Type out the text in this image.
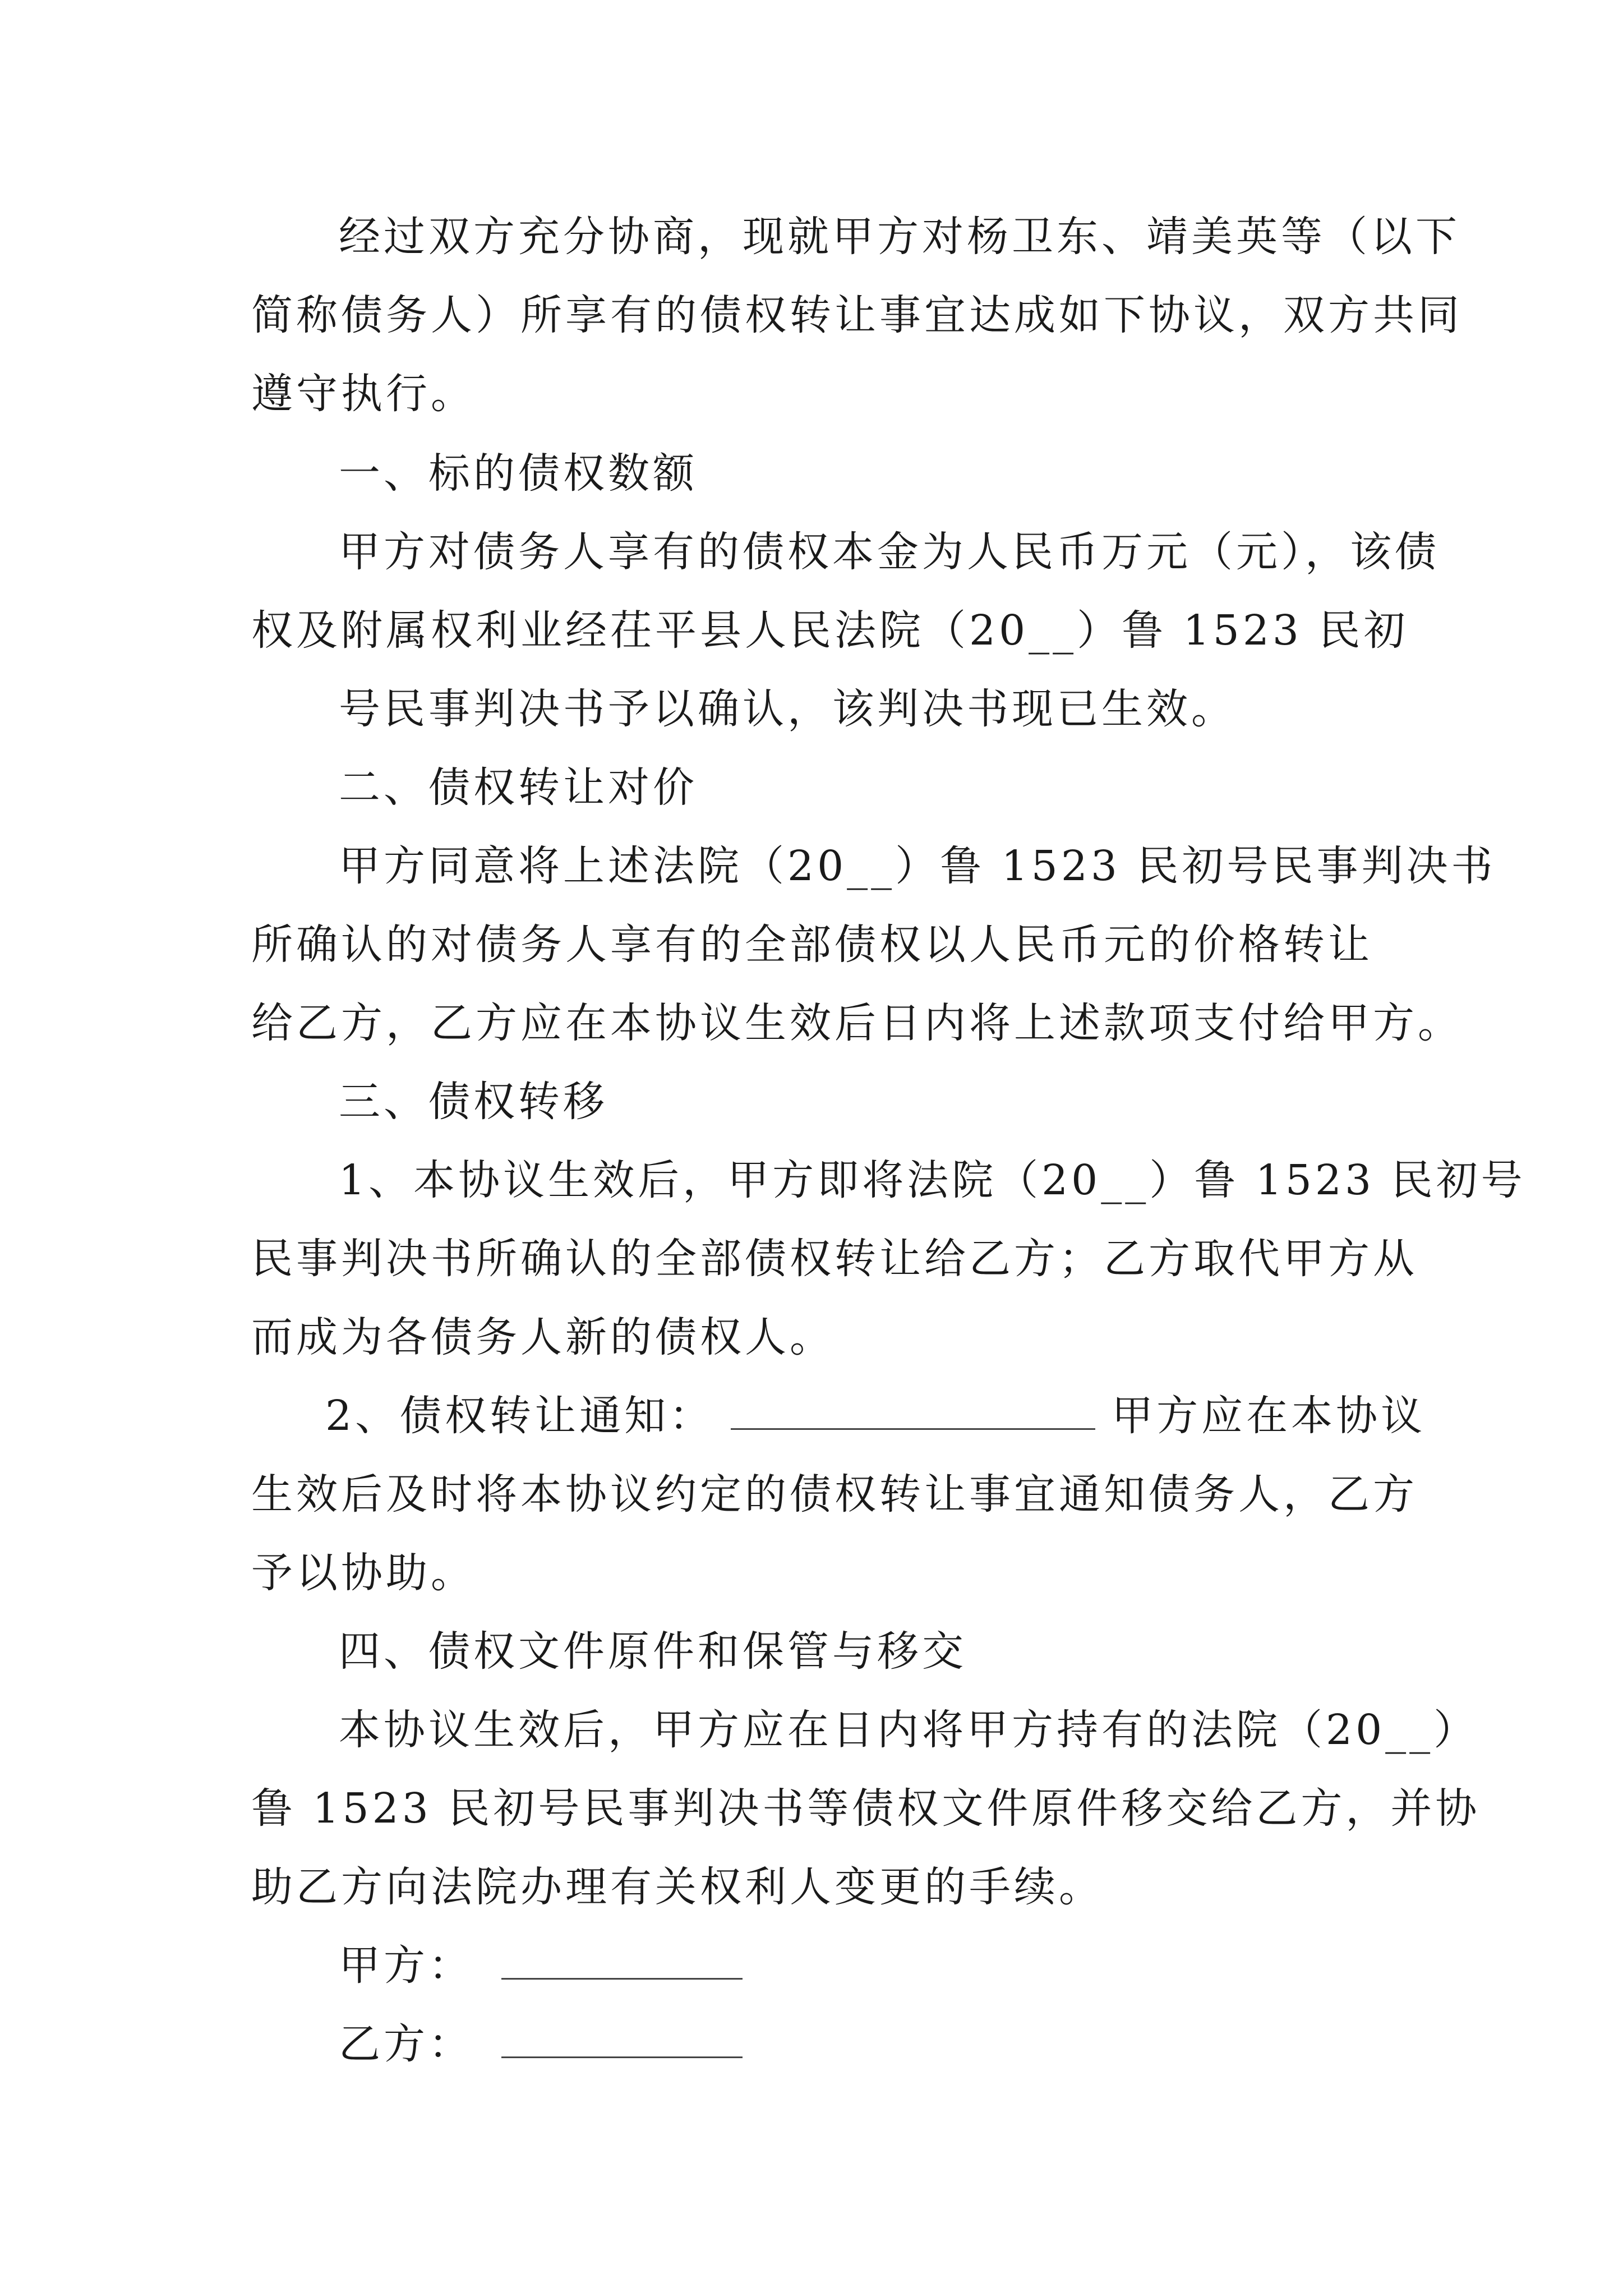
经过双方充分协商，现就甲方对杨卫东、靖美英等（以下
简称债务人）所享有的债权转让事宜达成如下协议，双方共同
遵守执行。
一、标的债权数额
甲方对债务人享有的债权本金为人民币万元（元），该债
权及附属权利业经茌平县人民法院（20__）鲁 1523 民初
号民事判决书予以确认，该判决书现已生效。
二、债权转让对价
甲方同意将上述法院（20__）鲁 1523 民初号民事判决书
所确认的对债务人享有的全部债权以人民币元的价格转让
给乙方，乙方应在本协议生效后日内将上述款项支付给甲方。
三、债权转移
1、本协议生效后，甲方即将法院（20__）鲁 1523 民初号
民事判决书所确认的全部债权转让给乙方；乙方取代甲方从
而成为各债务人新的债权人。
2、债权转让通知：	甲方应在本协议
生效后及时将本协议约定的债权转让事宜通知债务人，乙方
予以协助。
四、债权文件原件和保管与移交
本协议生效后，甲方应在日内将甲方持有的法院（20__）
鲁 1523 民初号民事判决书等债权文件原件移交给乙方，并协
助乙方向法院办理有关权利人变更的手续。
甲方：
乙方：
